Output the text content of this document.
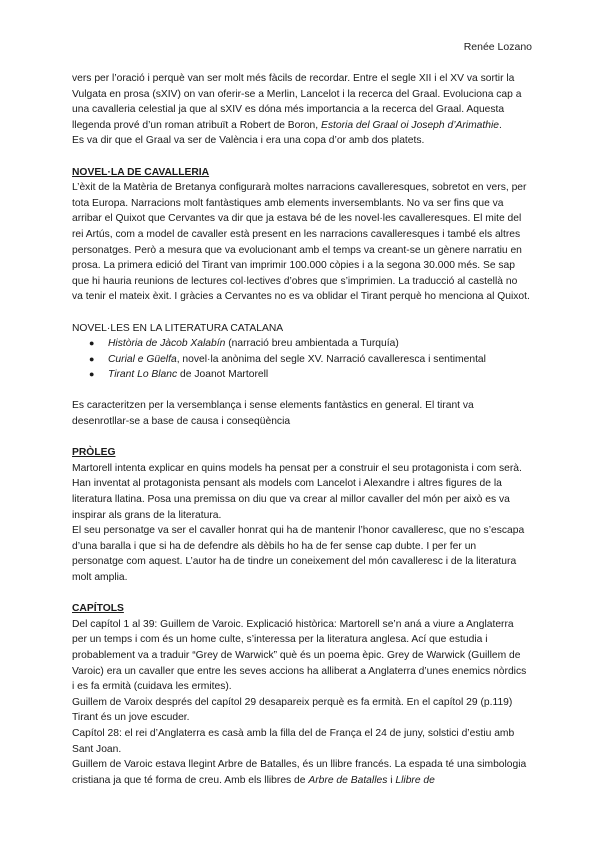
Renée Lozano

vers per l’oració i perquè van ser molt més fàcils de recordar. Entre el segle XII i el XV va sortir la Vulgata en prosa (sXIV) on van oferir-se a Merlin, Lancelot i la recerca del Graal. Evoluciona cap a una cavalleria celestial ja que al sXIV es dóna més importancia a la recerca del Graal. Aquesta llegenda prové d’un roman atribuït a Robert de Boron, Estoria del Graal oi Joseph d’Arimathie.

Es va dir que el Graal va ser de València i era una copa d’or amb dos platets.

NOVEL·LA DE CAVALLERIA

L’èxit de la Matèria de Bretanya configurarà moltes narracions cavalleresques, sobretot en vers, per tota Europa. Narracions molt fantàstiques amb elements inversemblants. No va ser fins que va arribar el Quixot que Cervantes va dir que ja estava bé de les novel·les cavalleresques. El mite del rei Artús, com a model de cavaller està present en les narracions cavalleresques i també els altres personatges. Però a mesura que va evolucionant amb el temps va creant-se un gènere narratiu en prosa. La primera edició del Tirant van imprimir 100.000 còpies i a la segona 30.000 més. Se sap que hi hauria reunions de lectures col·lectives d’obres que s’imprimien. La traducció al castellà no va tenir el mateix èxit. I gràcies a Cervantes no es va oblidar el Tirant perquè ho menciona al Quixot.

NOVEL·LES EN LA LITERATURA CATALANA

● Història de Jàcob Xalabín (narració breu ambientada a Turquía)
● Curial e Güelfa, novel·la anònima del segle XV. Narració cavalleresca i sentimental
● Tirant Lo Blanc de Joanot Martorell

Es caracteritzen per la versemblança i sense elements fantàstics en general. El tirant va desenrotllar-se a base de causa i conseqüència

PRÒLEG

Martorell intenta explicar en quins models ha pensat per a construir el seu protagonista i com serà. Han inventat al protagonista pensant als models com Lancelot i Alexandre i altres figures de la literatura llatina. Posa una premissa on diu que va crear al millor cavaller del món per això es va inspirar als grans de la literatura.

El seu personatge va ser el cavaller honrat qui ha de mantenir l’honor cavalleresc, que no s’escapa d’una baralla i que si ha de defendre als dèbils ho ha de fer sense cap dubte. I per fer un personatge com aquest. L’autor ha de tindre un coneixement del món cavalleresc i de la literatura molt amplia.

CAPÍTOLS

Del capítol 1 al 39: Guillem de Varoic. Explicació històrica: Martorell se’n aná a viure a Anglaterra per un temps i com és un home culte, s’interessa per la literatura anglesa. Ací que estudia i probablement va a traduir “Grey de Warwick” què és un poema èpic. Grey de Warwick (Guillem de Varoic) era un cavaller que entre les seves accions ha alliberat a Anglaterra d’unes enemics nòrdics i es fa ermità (cuidava les ermites).

Guillem de Varoix després del capítol 29 desapareix perquè es fa ermità. En el capítol 29 (p.119) Tirant és un jove escuder.

Capítol 28: el rei d’Anglaterra es casà amb la filla del de França el 24 de juny, solstici d’estiu amb Sant Joan.

Guillem de Varoic estava llegint Arbre de Batalles, és un llibre francés. La espada té una simbologia cristiana ja que té forma de creu. Amb els llibres de Arbre de Batalles i Llibre de
